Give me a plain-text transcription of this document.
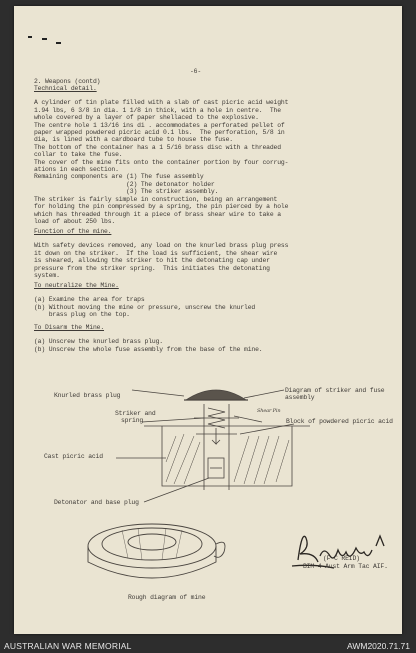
-6-
2. Weapons (contd)
Technical detail.

A cylinder of tin plate filled with a slab of cast picric acid weight
1.94 lbs, 6 3/8 in dia. 1 1/8 in thick, with a hole in centre.  The
whole covered by a layer of paper shellaced to the explosive.
The centre hole 1 13/16 ins di . accommodates a perforated pellet of
paper wrapped powdered picric acid 0.1 lbs.  The perforation, 5/8 in
dia, is lined with a cardboard tube to house the fuse.
The bottom of the container has a 1 5/16 brass disc with a threaded
collar to take the fuse.
The cover of the mine fits onto the container portion by four corrug-
ations in each section.
Remaining components are (1) The fuse assembly
(2) The detonator holder
(3) The striker assembly.
The striker is fairly simple in construction, being an arrangement
for holding the pin compressed by a spring, the pin pierced by a hole
which has threaded through it a piece of brass shear wire to take a
load of about 250 lbs.
Function of the mine.

With safety devices removed, any load on the knurled brass plug press
it down on the striker.  If the load is sufficient, the shear wire
is sheared, allowing the striker to hit the detonating cap under
pressure from the striker spring.  This initiates the detonating
system.
To neutralize the Mine.

(a) Examine the area for traps
(b) Without moving the mine or pressure, unscrew the knurled
brass plug on the top.
To Disarm the Mine.

(a) Unscrew the knurled brass plug.
(b) Unscrew the whole fuse assembly from the base of the mine.
Knurled brass plug
Diagram of striker and fuse
assembly
Striker and
spring
Shear Pin
Block of powdered picric acid
Cast picric acid
Detonator and base plug
Rough diagram of mine
(F C REID)
BIM 4 Aust Arm Tac AIF.
AUSTRALIAN WAR MEMORIAL	AWM2020.71.71
